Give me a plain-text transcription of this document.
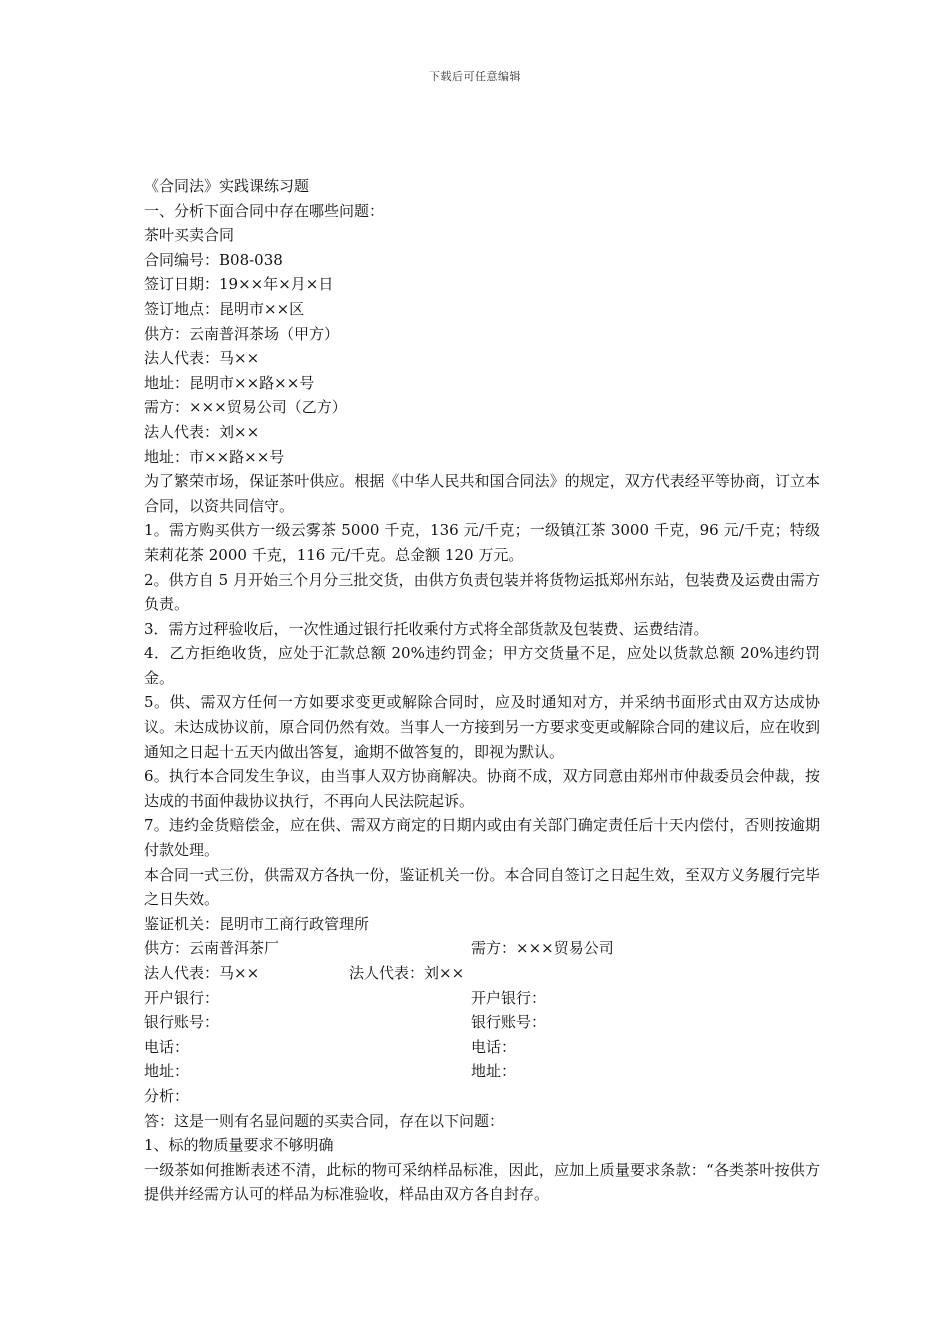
下载后可任意编辑

《合同法》实践课练习题

一、分析下面合同中存在哪些问题：

茶叶买卖合同

合同编号：B08-038

签订日期：19××年×月×日

签订地点：昆明市××区

供方：云南普洱茶场（甲方）

法人代表：马××

地址：昆明市××路××号

需方：×××贸易公司（乙方）

法人代表：刘××

地址：市××路××号

为了繁荣市场，保证茶叶供应。根据《中华人民共和国合同法》的规定，双方代表经平等协商，订立本合同，以资共同信守。

1。需方购买供方一级云雾茶 5000 千克，136 元/千克；一级镇江茶 3000 千克，96 元/千克；特级茉莉花茶 2000 千克，116 元/千克。总金额 120 万元。

2。供方自 5 月开始三个月分三批交货，由供方负责包装并将货物运抵郑州东站，包装费及运费由需方负责。

3．需方过秤验收后，一次性通过银行托收乘付方式将全部货款及包装费、运费结清。

4．乙方拒绝收货，应处于汇款总额 20%违约罚金；甲方交货量不足，应处以货款总额 20%违约罚金。

5。供、需双方任何一方如要求变更或解除合同时，应及时通知对方，并采纳书面形式由双方达成协议。未达成协议前，原合同仍然有效。当事人一方接到另一方要求变更或解除合同的建议后，应在收到通知之日起十五天内做出答复，逾期不做答复的，即视为默认。

6。执行本合同发生争议，由当事人双方协商解决。协商不成，双方同意由郑州市仲裁委员会仲裁，按达成的书面仲裁协议执行，不再向人民法院起诉。

7。违约金货赔偿金，应在供、需双方商定的日期内或由有关部门确定责任后十天内偿付，否则按逾期付款处理。

本合同一式三份，供需双方各执一份，鉴证机关一份。本合同自签订之日起生效，至双方义务履行完毕之日失效。

鉴证机关：昆明市工商行政管理所

供方：云南普洱茶厂	需方：×××贸易公司
法人代表：马××	法人代表：刘××
开户银行：	开户银行：
银行账号：	银行账号：
电话：	电话：
地址：	地址：

分析：

答：这是一则有名显问题的买卖合同，存在以下问题：

1、标的物质量要求不够明确

一级茶如何推断表述不清，此标的物可采纳样品标准，因此，应加上质量要求条款：“各类茶叶按供方提供并经需方认可的样品为标准验收，样品由双方各自封存。
